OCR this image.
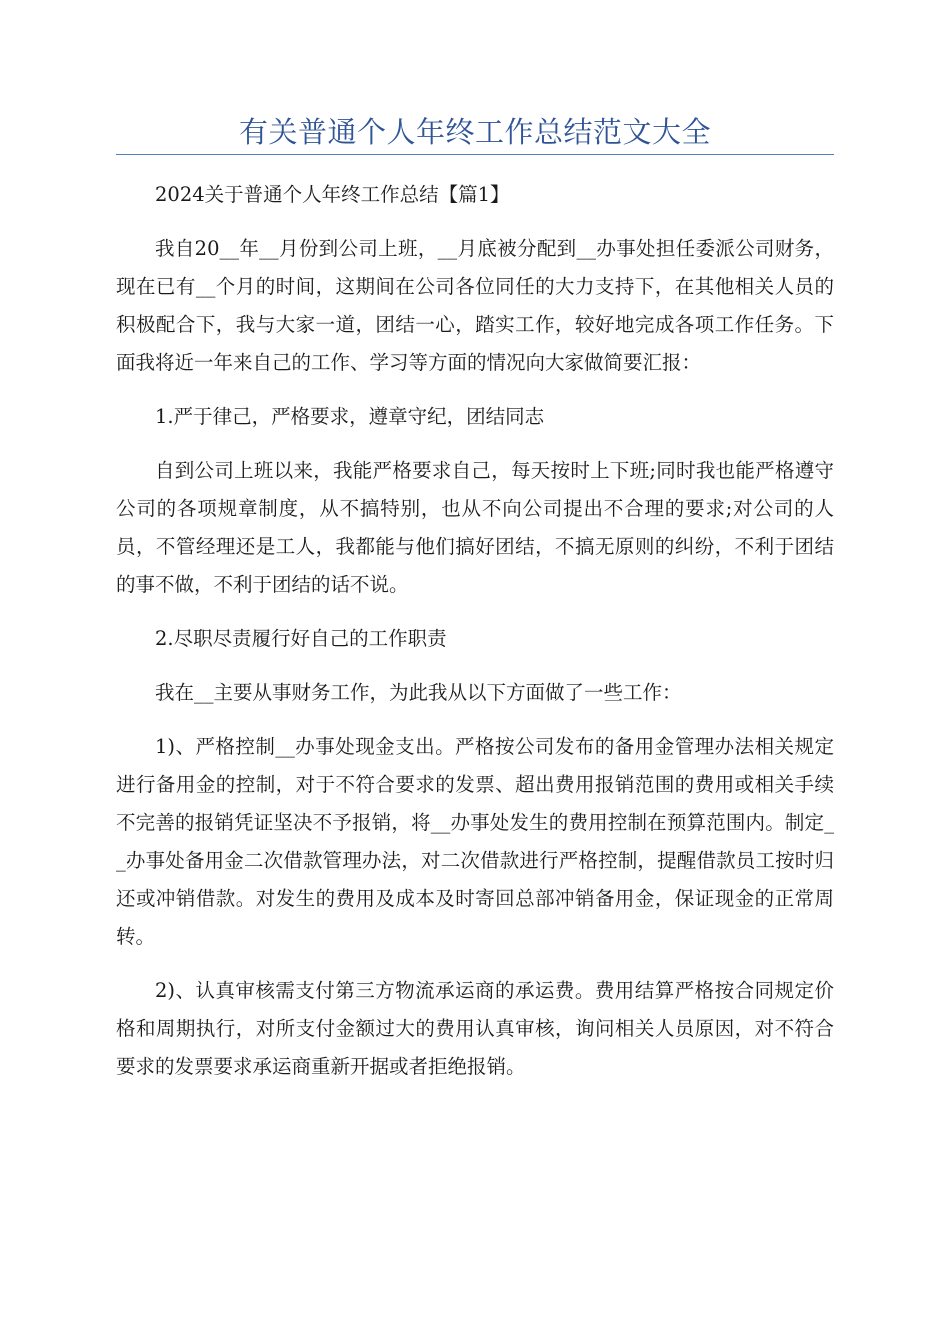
有关普通个人年终工作总结范文大全

2024关于普通个人年终工作总结【篇1】

我自20__年__月份到公司上班，__月底被分配到__办事处担任委派公司财务，现在已有__个月的时间，这期间在公司各位同任的大力支持下，在其他相关人员的积极配合下，我与大家一道，团结一心，踏实工作，较好地完成各项工作任务。下面我将近一年来自己的工作、学习等方面的情况向大家做简要汇报：

1.严于律己，严格要求，遵章守纪，团结同志

自到公司上班以来，我能严格要求自己，每天按时上下班;同时我也能严格遵守公司的各项规章制度，从不搞特别，也从不向公司提出不合理的要求;对公司的人员，不管经理还是工人，我都能与他们搞好团结，不搞无原则的纠纷，不利于团结的事不做，不利于团结的话不说。

2.尽职尽责履行好自己的工作职责

我在__主要从事财务工作，为此我从以下方面做了一些工作：

1)、严格控制__办事处现金支出。严格按公司发布的备用金管理办法相关规定进行备用金的控制，对于不符合要求的发票、超出费用报销范围的费用或相关手续不完善的报销凭证坚决不予报销，将__办事处发生的费用控制在预算范围内。制定__办事处备用金二次借款管理办法，对二次借款进行严格控制，提醒借款员工按时归还或冲销借款。对发生的费用及成本及时寄回总部冲销备用金，保证现金的正常周转。

2)、认真审核需支付第三方物流承运商的承运费。费用结算严格按合同规定价格和周期执行，对所支付金额过大的费用认真审核，询问相关人员原因，对不符合要求的发票要求承运商重新开据或者拒绝报销。
